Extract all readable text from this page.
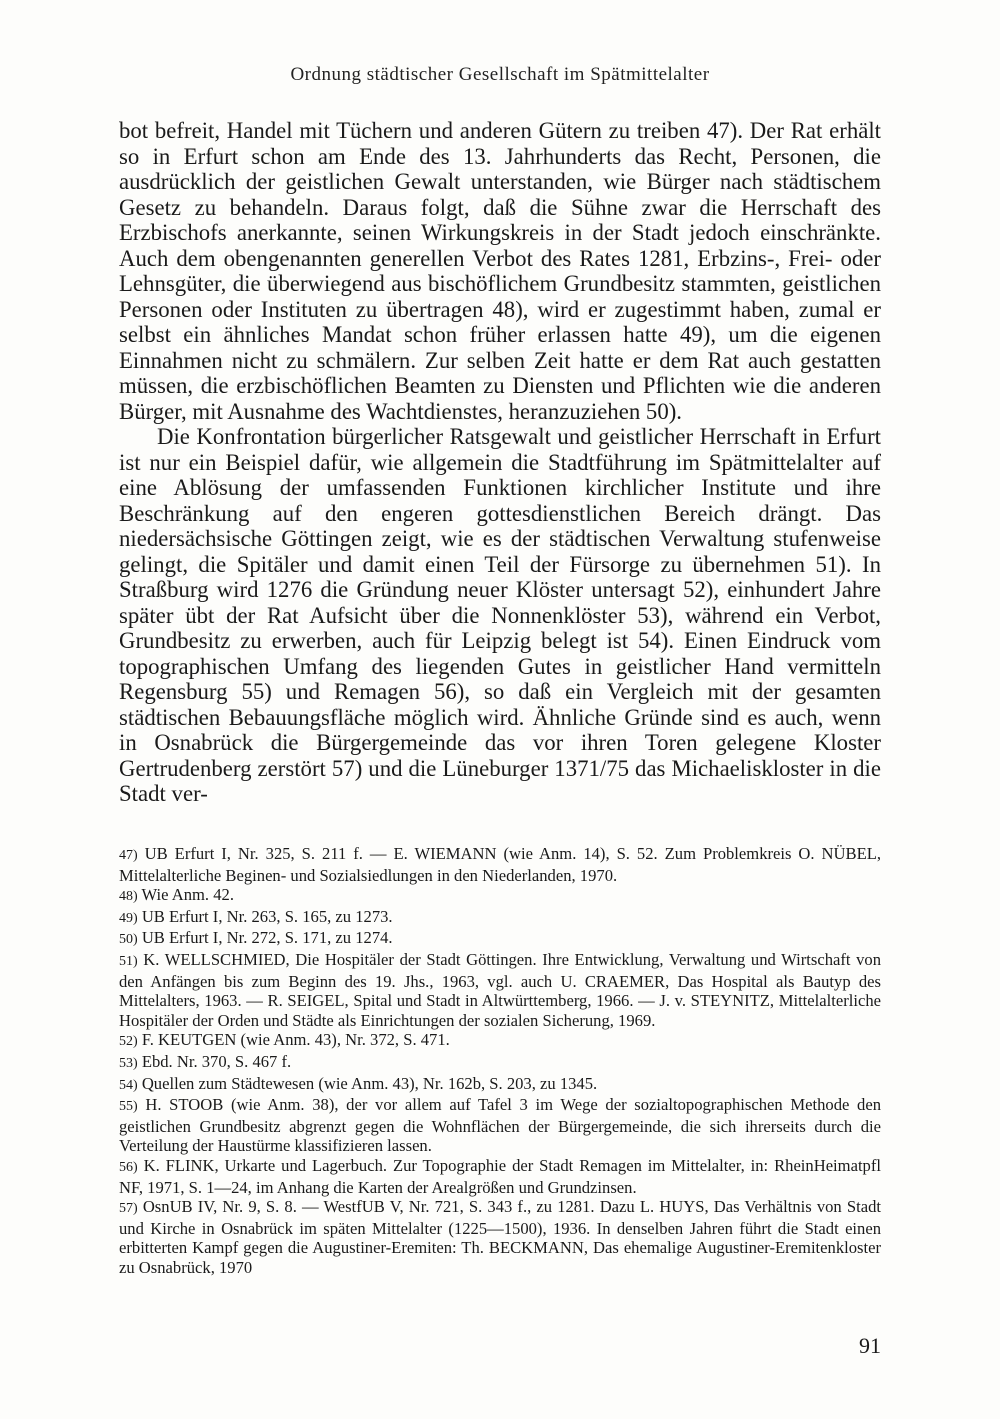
Ordnung städtischer Gesellschaft im Spätmittelalter

bot befreit, Handel mit Tüchern und anderen Gütern zu treiben 47). Der Rat erhält so in Erfurt schon am Ende des 13. Jahrhunderts das Recht, Personen, die ausdrücklich der geistlichen Gewalt unterstanden, wie Bürger nach städtischem Gesetz zu behandeln. Daraus folgt, daß die Sühne zwar die Herrschaft des Erzbischofs anerkannte, seinen Wirkungskreis in der Stadt jedoch einschränkte. Auch dem obengenannten generellen Verbot des Rates 1281, Erbzins-, Frei- oder Lehnsgüter, die überwiegend aus bischöflichem Grundbesitz stammten, geistlichen Personen oder Instituten zu übertragen 48), wird er zugestimmt haben, zumal er selbst ein ähnliches Mandat schon früher erlassen hatte 49), um die eigenen Einnahmen nicht zu schmälern. Zur selben Zeit hatte er dem Rat auch gestatten müssen, die erzbischöflichen Beamten zu Diensten und Pflichten wie die anderen Bürger, mit Ausnahme des Wachtdienstes, heranzuziehen 50).

Die Konfrontation bürgerlicher Ratsgewalt und geistlicher Herrschaft in Erfurt ist nur ein Beispiel dafür, wie allgemein die Stadtführung im Spätmittelalter auf eine Ablösung der umfassenden Funktionen kirchlicher Institute und ihre Beschränkung auf den engeren gottesdienstlichen Bereich drängt. Das niedersächsische Göttingen zeigt, wie es der städtischen Verwaltung stufenweise gelingt, die Spitäler und damit einen Teil der Fürsorge zu übernehmen 51). In Straßburg wird 1276 die Gründung neuer Klöster untersagt 52), einhundert Jahre später übt der Rat Aufsicht über die Nonnenklöster 53), während ein Verbot, Grundbesitz zu erwerben, auch für Leipzig belegt ist 54). Einen Eindruck vom topographischen Umfang des liegenden Gutes in geistlicher Hand vermitteln Regensburg 55) und Remagen 56), so daß ein Vergleich mit der gesamten städtischen Bebauungsfläche möglich wird. Ähnliche Gründe sind es auch, wenn in Osnabrück die Bürgergemeinde das vor ihren Toren gelegene Kloster Gertrudenberg zerstört 57) und die Lüneburger 1371/75 das Michaeliskloster in die Stadt ver-

47) UB Erfurt I, Nr. 325, S. 211 f. — E. WIEMANN (wie Anm. 14), S. 52. Zum Problemkreis O. NÜBEL, Mittelalterliche Beginen- und Sozialsiedlungen in den Niederlanden, 1970.

48) Wie Anm. 42.

49) UB Erfurt I, Nr. 263, S. 165, zu 1273.

50) UB Erfurt I, Nr. 272, S. 171, zu 1274.

51) K. WELLSCHMIED, Die Hospitäler der Stadt Göttingen. Ihre Entwicklung, Verwaltung und Wirtschaft von den Anfängen bis zum Beginn des 19. Jhs., 1963, vgl. auch U. CRAEMER, Das Hospital als Bautyp des Mittelalters, 1963. — R. SEIGEL, Spital und Stadt in Altwürttemberg, 1966. — J. v. STEYNITZ, Mittelalterliche Hospitäler der Orden und Städte als Einrichtungen der sozialen Sicherung, 1969.

52) F. KEUTGEN (wie Anm. 43), Nr. 372, S. 471.

53) Ebd. Nr. 370, S. 467 f.

54) Quellen zum Städtewesen (wie Anm. 43), Nr. 162b, S. 203, zu 1345.

55) H. STOOB (wie Anm. 38), der vor allem auf Tafel 3 im Wege der sozialtopographischen Methode den geistlichen Grundbesitz abgrenzt gegen die Wohnflächen der Bürgergemeinde, die sich ihrerseits durch die Verteilung der Haustürme klassifizieren lassen.

56) K. FLINK, Urkarte und Lagerbuch. Zur Topographie der Stadt Remagen im Mittelalter, in: RheinHeimatpfl NF, 1971, S. 1—24, im Anhang die Karten der Arealgrößen und Grundzinsen.

57) OsnUB IV, Nr. 9, S. 8. — WestfUB V, Nr. 721, S. 343 f., zu 1281. Dazu L. HUYS, Das Verhältnis von Stadt und Kirche in Osnabrück im späten Mittelalter (1225—1500), 1936. In denselben Jahren führt die Stadt einen erbitterten Kampf gegen die Augustiner-Eremiten: Th. BECKMANN, Das ehemalige Augustiner-Eremitenkloster zu Osnabrück, 1970

91
